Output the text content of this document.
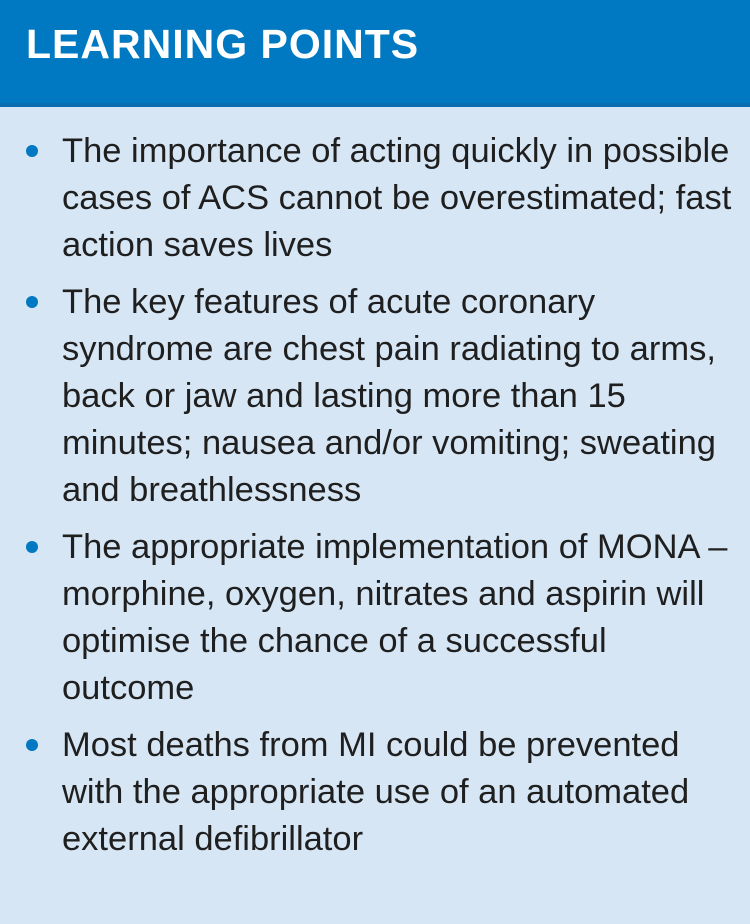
LEARNING POINTS
The importance of acting quickly in possible cases of ACS cannot be overestimated; fast action saves lives
The key features of acute coronary syndrome are chest pain radiating to arms, back or jaw and lasting more than 15 minutes; nausea and/or vomiting; sweating and breathlessness
The appropriate implementation of MONA – morphine, oxygen, nitrates and aspirin will optimise the chance of a successful outcome
Most deaths from MI could be prevented with the appropriate use of an automated external defibrillator
